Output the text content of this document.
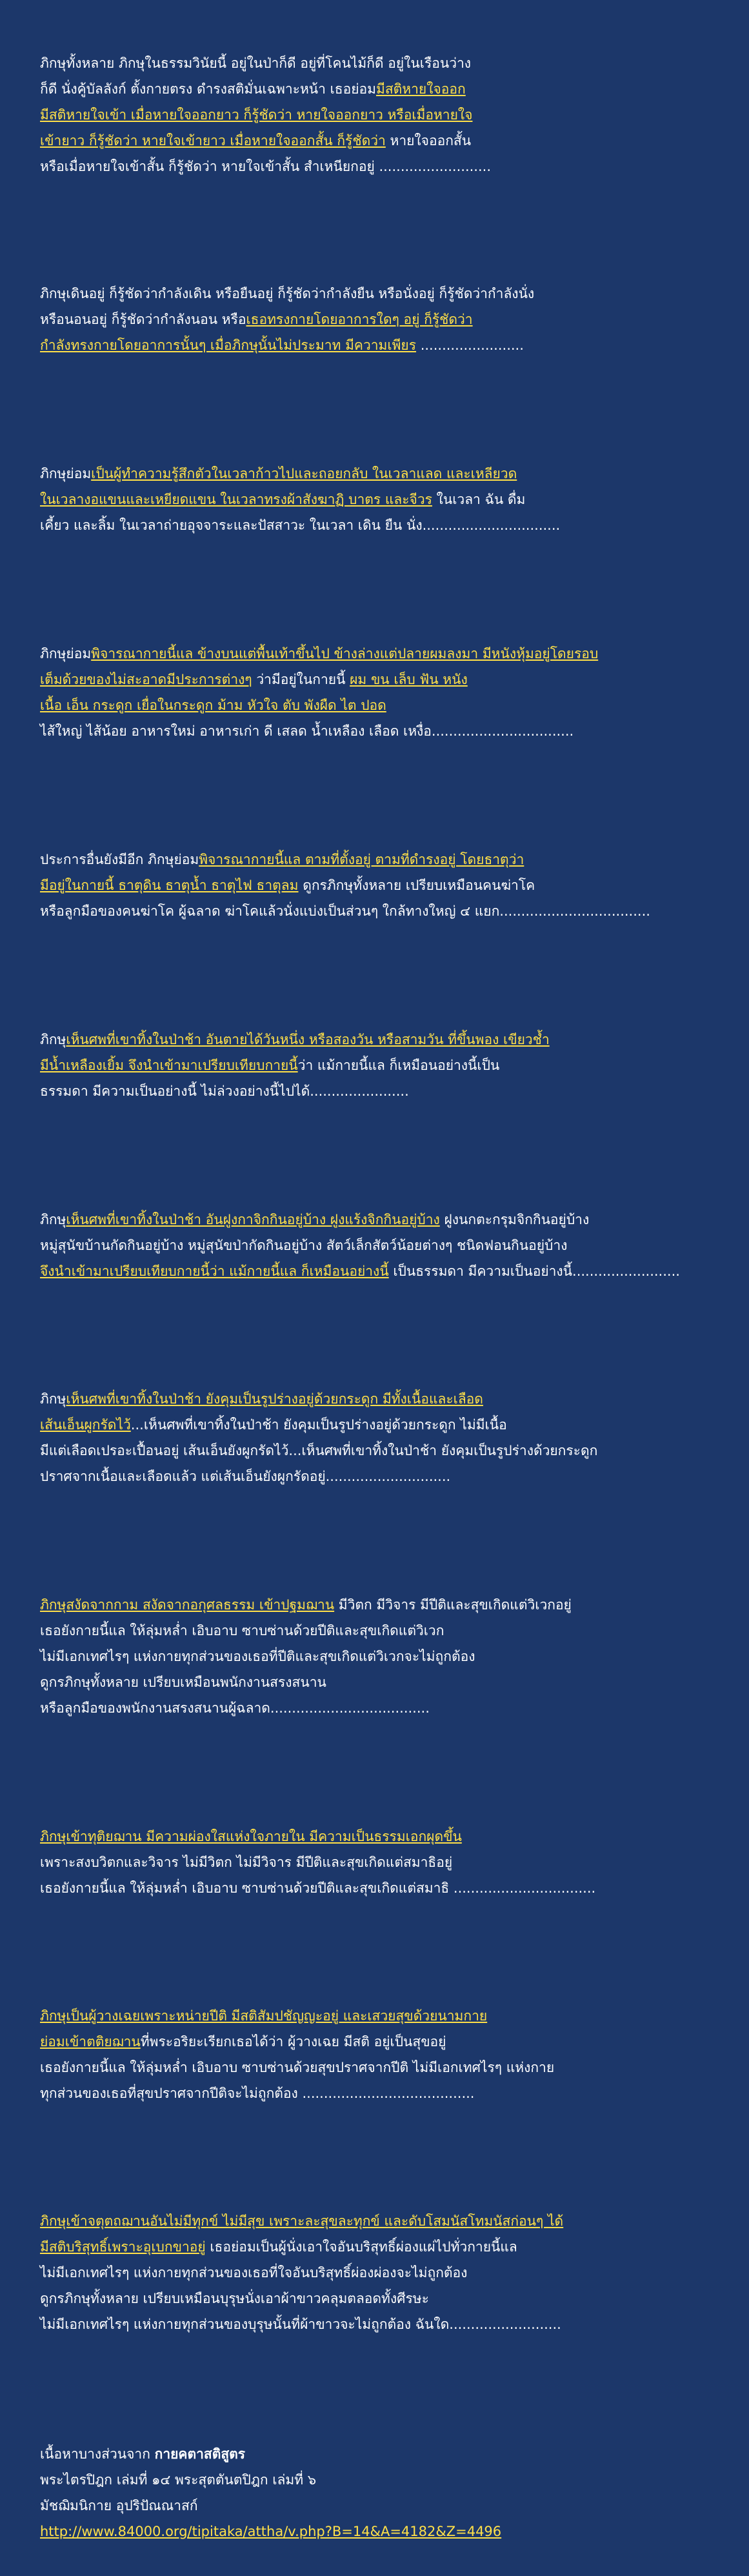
ภิกษุทั้งหลาย ภิกษุในธรรมวินัยนี้ อยู่ในป่าก็ดี อยู่ที่โคนไม้ก็ดี อยู่ในเรือนว่าง
ก็ดี นั่งคู้บัลลังก์ ตั้งกายตรง ดำรงสติมั่นเฉพาะหน้า เธอย่อมมีสติหายใจออก
มีสติหายใจเข้า เมื่อหายใจออกยาว ก็รู้ชัดว่า หายใจออกยาว หรือเมื่อหายใจ
เข้ายาว ก็รู้ชัดว่า หายใจเข้ายาว เมื่อหายใจออกสั้น ก็รู้ชัดว่า หายใจออกสั้น
หรือเมื่อหายใจเข้าสั้น ก็รู้ชัดว่า หายใจเข้าสั้น สำเหนียกอยู่ ..........................
ภิกษุเดินอยู่ ก็รู้ชัดว่ากำลังเดิน หรือยืนอยู่ ก็รู้ชัดว่ากำลังยืน หรือนั่งอยู่ ก็รู้ชัดว่ากำลังนั่ง
หรือนอนอยู่ ก็รู้ชัดว่ากำลังนอน หรือเธอทรงกายโดยอาการใดๆ อยู่ ก็รู้ชัดว่า
กำลังทรงกายโดยอาการนั้นๆ เมื่อภิกษุนั้นไม่ประมาท มีความเพียร ........................
ภิกษุย่อมเป็นผู้ทำความรู้สึกตัวในเวลาก้าวไปและถอยกลับ ในเวลาแลด และเหลียวด
ในเวลางอแขนและเหยียดแขน ในเวลาทรงผ้าสังฆาฏิ บาตร และจีวร ในเวลา ฉัน ดื่ม
เคี้ยว และลิ้ม ในเวลาถ่ายอุจจาระและปัสสาวะ ในเวลา เดิน ยืน นั่ง................................
ภิกษุย่อมพิจารณากายนี้แล ข้างบนแต่พื้นเท้าขึ้นไป ข้างล่างแต่ปลายผมลงมา มีหนังหุ้มอยู่โดยรอบ
เต็มด้วยของไม่สะอาดมีประการต่างๆ ว่ามีอยู่ในกายนี้ ผม ขน เล็บ ฟัน หนัง
เนื้อ เอ็น กระดูก เยื่อในกระดูก ม้าม หัวใจ ตับ พังผืด ไต ปอด
ไส้ใหญ่ ไส้น้อย อาหารใหม่ อาหารเก่า ดี เสลด น้ำเหลือง เลือด เหงื่อ.................................
ประการอื่นยังมีอีก ภิกษุย่อมพิจารณากายนี้แล ตามที่ตั้งอยู่ ตามที่ดำรงอยู่ โดยธาตุว่า
มีอยู่ในกายนี้ ธาตุดิน ธาตุน้ำ ธาตุไฟ ธาตุลม ดูกรภิกษุทั้งหลาย เปรียบเหมือนคนฆ่าโค
หรือลูกมือของคนฆ่าโค ผู้ฉลาด ฆ่าโคแล้วนั่งแบ่งเป็นส่วนๆ ใกล้ทางใหญ่ ๔ แยก...................................
ภิกษุเห็นศพที่เขาทิ้งในป่าช้า อันตายได้วันหนึ่ง หรือสองวัน หรือสามวัน ที่ขึ้นพอง เขียวช้ำ
มีน้ำเหลืองเยิ้ม จึงนำเข้ามาเปรียบเทียบกายนี้ว่า แม้กายนี้แล ก็เหมือนอย่างนี้เป็น
ธรรมดา มีความเป็นอย่างนี้ ไม่ล่วงอย่างนี้ไปได้.......................
ภิกษุเห็นศพที่เขาทิ้งในป่าช้า อันฝูงกาจิกกินอยู่บ้าง ฝูงแร้งจิกกินอยู่บ้าง ฝูงนกตะกรุมจิกกินอยู่บ้าง
หมู่สุนัขบ้านกัดกินอยู่บ้าง หมู่สุนัขป่ากัดกินอยู่บ้าง สัตว์เล็กสัตว์น้อยต่างๆ ชนิดฟอนกินอยู่บ้าง
จึงนำเข้ามาเปรียบเทียบกายนี้ว่า แม้กายนี้แล ก็เหมือนอย่างนี้ เป็นธรรมดา มีความเป็นอย่างนี้.........................
ภิกษุเห็นศพที่เขาทิ้งในป่าช้า ยังคุมเป็นรูปร่างอยู่ด้วยกระดูก มีทั้งเนื้อและเลือด
เส้นเอ็นผูกรัดไว้...เห็นศพที่เขาทิ้งในป่าช้า ยังคุมเป็นรูปร่างอยู่ด้วยกระดูก ไม่มีเนื้อ
มีแต่เลือดเปรอะเปื้อนอยู่ เส้นเอ็นยังผูกรัดไว้...เห็นศพที่เขาทิ้งในป่าช้า ยังคุมเป็นรูปร่างด้วยกระดูก
ปราศจากเนื้อและเลือดแล้ว แต่เส้นเอ็นยังผูกรัดอยู่.............................
ภิกษุสงัดจากกาม สงัดจากอกุศลธรรม เข้าปฐมฌาน มีวิตก มีวิจาร มีปีติและสุขเกิดแต่วิเวกอยู่
เธอยังกายนี้แล ให้ลุ่มหล่ำ เอิบอาบ ซาบซ่านด้วยปีติและสุขเกิดแต่วิเวก
ไม่มีเอกเทศไรๆ แห่งกายทุกส่วนของเธอที่ปีติและสุขเกิดแต่วิเวกจะไม่ถูกต้อง
ดูกรภิกษุทั้งหลาย เปรียบเหมือนพนักงานสรงสนาน
หรือลูกมือของพนักงานสรงสนานผู้ฉลาด.....................................
ภิกษุเข้าทุติยฌาน มีความผ่องใสแห่งใจภายใน มีความเป็นธรรมเอกผุดขึ้น
เพราะสงบวิตกและวิจาร ไม่มีวิตก ไม่มีวิจาร มีปีติและสุขเกิดแต่สมาธิอยู่
เธอยังกายนี้แล ให้ลุ่มหล่ำ เอิบอาบ ซาบซ่านด้วยปีติและสุขเกิดแต่สมาธิ .................................
ภิกษุเป็นผู้วางเฉยเพราะหน่ายปีติ มีสติสัมปชัญญะอยู่ และเสวยสุขด้วยนามกาย
ย่อมเข้าตติยฌานที่พระอริยะเรียกเธอได้ว่า ผู้วางเฉย มีสติ อยู่เป็นสุขอยู่
เธอยังกายนี้แล ให้ลุ่มหล่ำ เอิบอาบ ซาบซ่านด้วยสุขปราศจากปีติ ไม่มีเอกเทศไรๆ แห่งกาย
ทุกส่วนของเธอที่สุขปราศจากปีติจะไม่ถูกต้อง ........................................
ภิกษุเข้าจตุตถฌานอันไม่มีทุกข์ ไม่มีสุข เพราะละสุขละทุกข์ และดับโสมนัสโทมนัสก่อนๆ ได้
มีสติบริสุทธิ์เพราะอุเบกขาอยู่ เธอย่อมเป็นผู้นั่งเอาใจอันบริสุทธิ์ผ่องแผ่ไปทั่วกายนี้แล
ไม่มีเอกเทศไรๆ แห่งกายทุกส่วนของเธอที่ใจอันบริสุทธิ์ผ่องผ่องจะไม่ถูกต้อง
ดูกรภิกษุทั้งหลาย เปรียบเหมือนบุรุษนั่งเอาผ้าขาวคลุมตลอดทั้งศีรษะ
ไม่มีเอกเทศไรๆ แห่งกายทุกส่วนของบุรุษนั้นที่ผ้าขาวจะไม่ถูกต้อง ฉันใด..........................
เนื้อหาบางส่วนจาก กายคตาสติสูตร
พระไตรปิฎก เล่มที่ ๑๔ พระสุตตันตปิฎก เล่มที่ ๖
มัชฌิมนิกาย อุปริปัณณาสก์
http://www.84000.org/tipitaka/attha/v.php?B=14&A=4182&Z=4496
